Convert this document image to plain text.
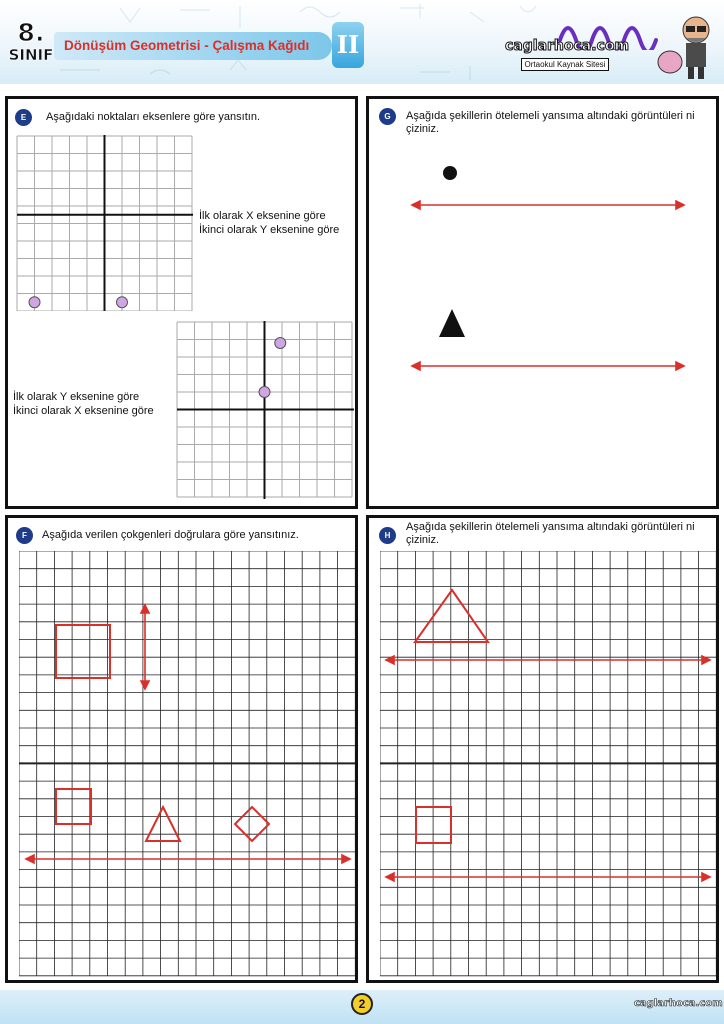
8.
SINIF
Dönüşüm Geometrisi - Çalışma Kağıdı II	caglarhoca.com
Ortaokul Kaynak Sitesi
E	Aşağıdaki noktaları eksenlere göre yansıtın.
İlk olarak X eksenine göre
İkinci olarak Y eksenine göre
İlk olarak Y eksenine göre
İkinci olarak X eksenine göre
G	Aşağıda şekillerin ötelemeli yansıma altındaki görüntüleri ni çiziniz.
F	Aşağıda verilen çokgenleri doğrulara göre yansıtınız.	H
Aşağıda şekillerin ötelemeli yansıma altındaki görüntüleri ni çiziniz.
2	caglarhoca.com
